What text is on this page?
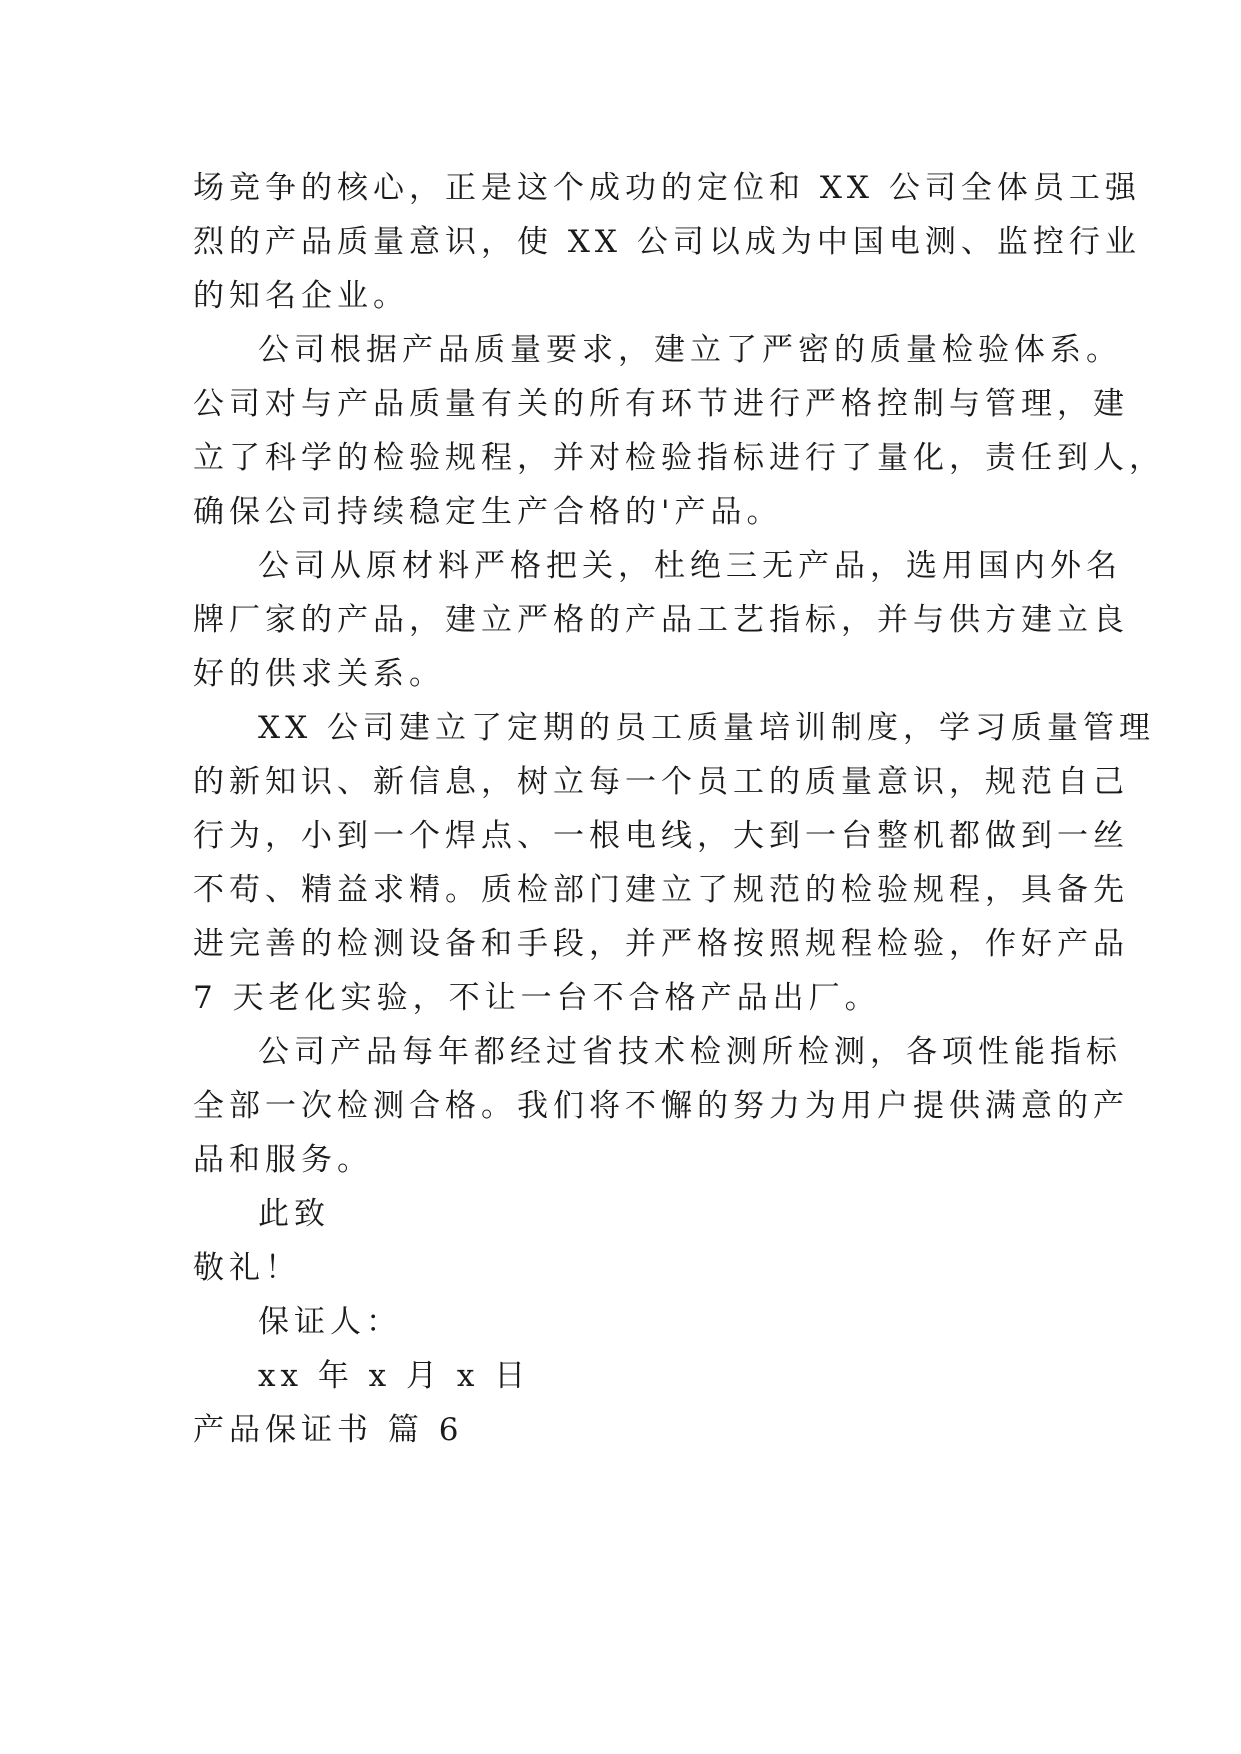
场竞争的核心，正是这个成功的定位和 XX 公司全体员工强
烈的产品质量意识，使 XX 公司以成为中国电测、监控行业
的知名企业。
公司根据产品质量要求，建立了严密的质量检验体系。
公司对与产品质量有关的所有环节进行严格控制与管理，建
立了科学的检验规程，并对检验指标进行了量化，责任到人，
确保公司持续稳定生产合格的'产品。
公司从原材料严格把关，杜绝三无产品，选用国内外名
牌厂家的产品，建立严格的产品工艺指标，并与供方建立良
好的供求关系。
XX 公司建立了定期的员工质量培训制度，学习质量管理
的新知识、新信息，树立每一个员工的质量意识，规范自己
行为，小到一个焊点、一根电线，大到一台整机都做到一丝
不苟、精益求精。质检部门建立了规范的检验规程，具备先
进完善的检测设备和手段，并严格按照规程检验，作好产品
7 天老化实验，不让一台不合格产品出厂。
公司产品每年都经过省技术检测所检测，各项性能指标
全部一次检测合格。我们将不懈的努力为用户提供满意的产
品和服务。
此致
敬礼！
保证人：
xx 年 x 月 x 日
产品保证书 篇 6
